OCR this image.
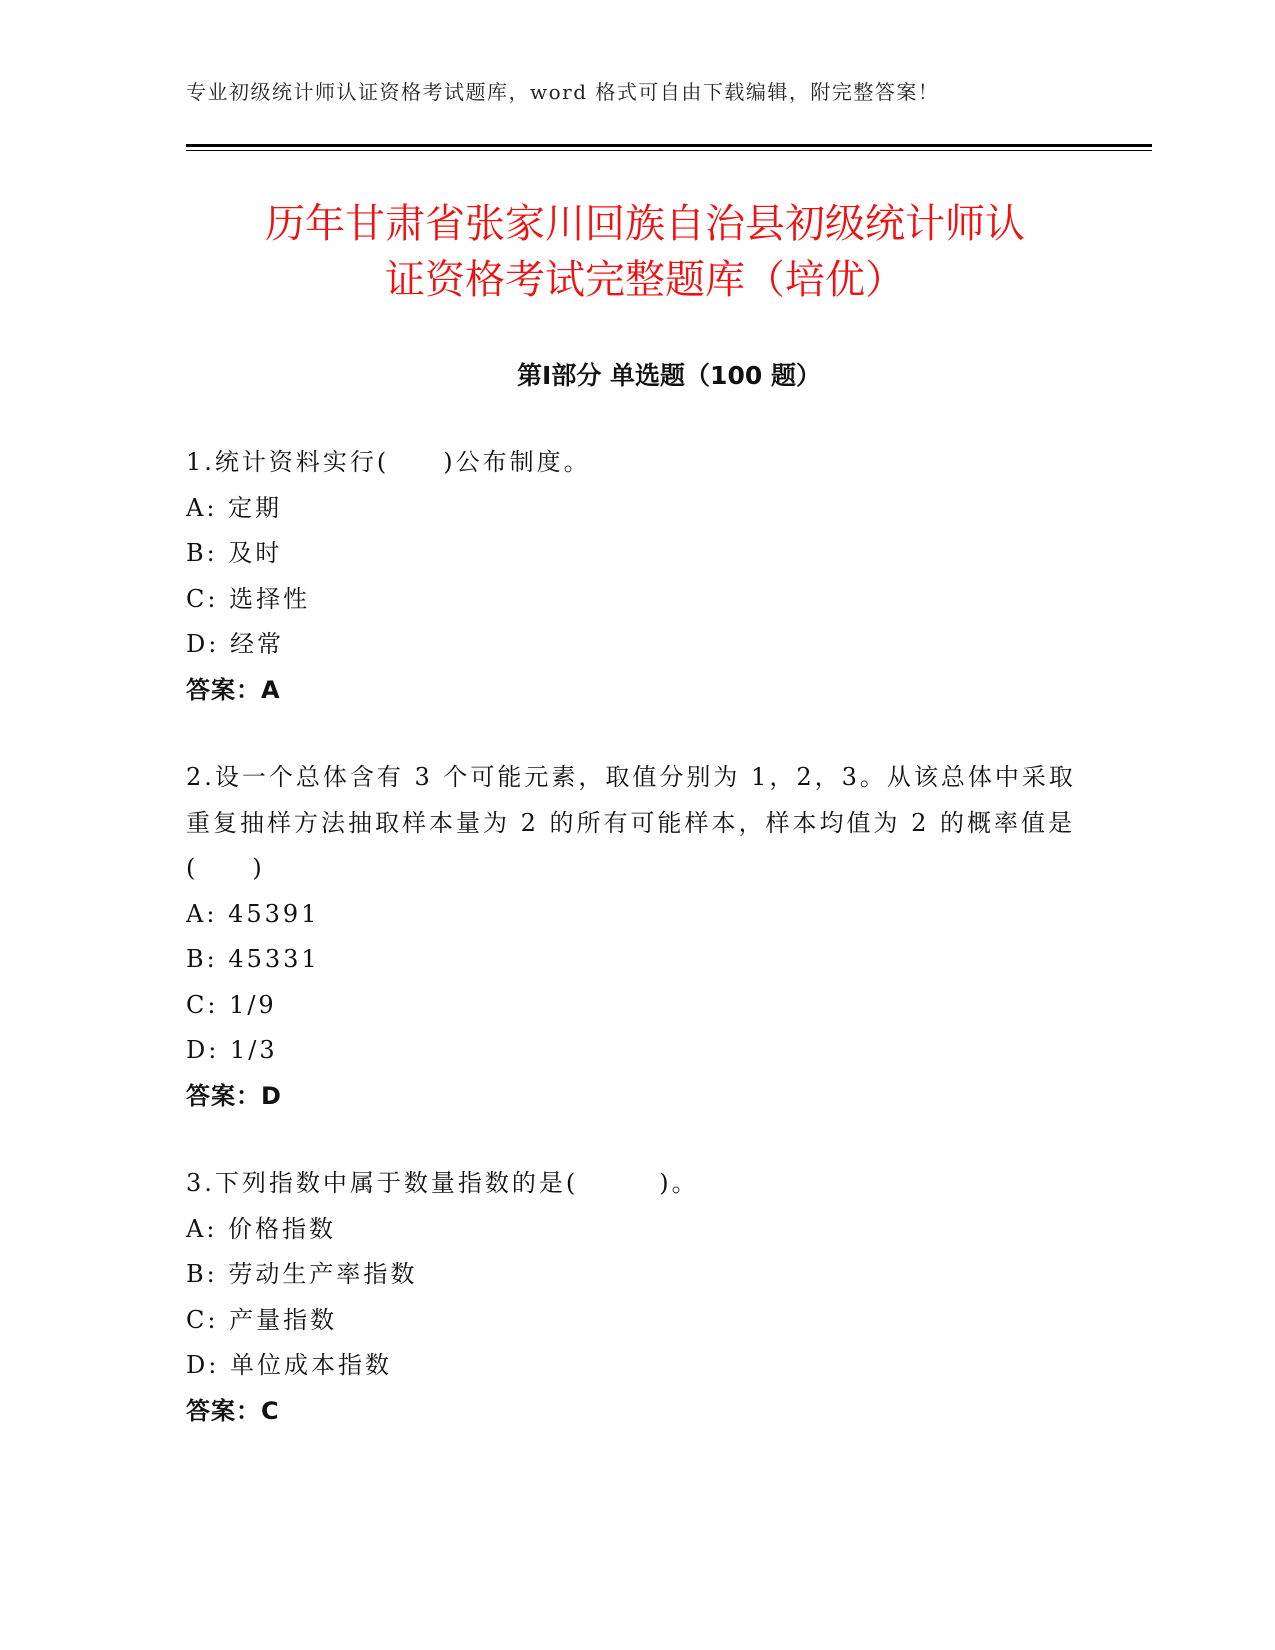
专业初级统计师认证资格考试题库，word 格式可自由下载编辑，附完整答案！
历年甘肃省张家川回族自治县初级统计师认
证资格考试完整题库（培优）
第Ⅰ部分 单选题（100 题）
1.统计资料实行(　　)公布制度。
A: 定期
B: 及时
C: 选择性
D: 经常
答案：A
2.设一个总体含有 3 个可能元素，取值分别为 1，2，3。从该总体中采取重复抽样方法抽取样本量为 2 的所有可能样本，样本均值为 2 的概率值是(　　)
A: 45391
B: 45331
C: 1/9
D: 1/3
答案：D
3.下列指数中属于数量指数的是(　　　)。
A: 价格指数
B: 劳动生产率指数
C: 产量指数
D: 单位成本指数
答案：C
